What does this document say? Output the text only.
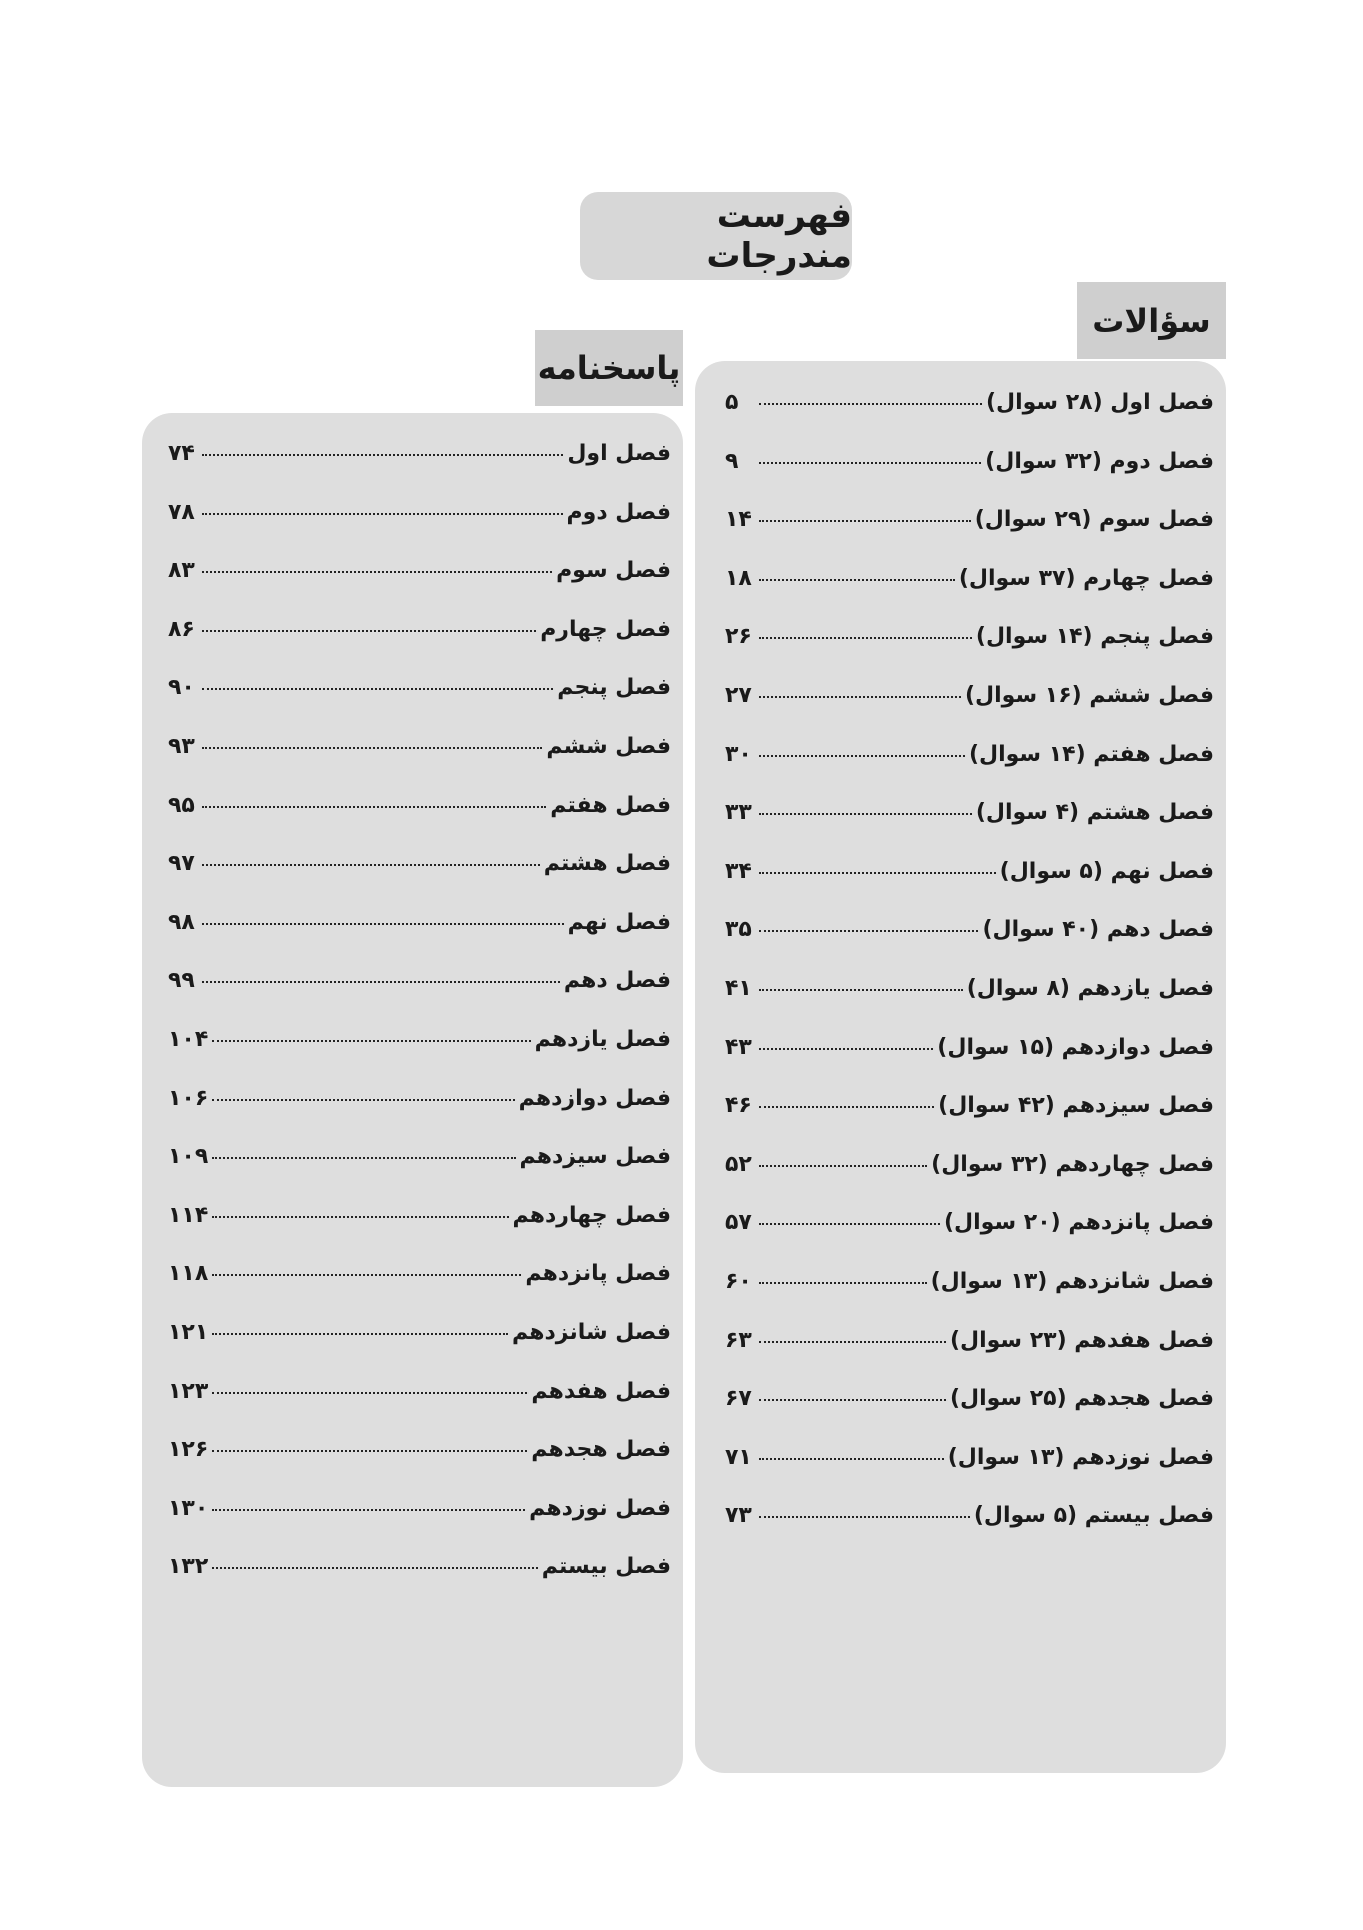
فهرست مندرجات
سؤالات
پاسخنامه
فصل اول (۲۸ سوال)
۵
فصل دوم (۳۲ سوال)
۹
فصل سوم (۲۹ سوال)
۱۴
فصل چهارم (۳۷ سوال)
۱۸
فصل پنجم (۱۴ سوال)
۲۶
فصل ششم (۱۶ سوال)
۲۷
فصل هفتم (۱۴ سوال)
۳۰
فصل هشتم (۴ سوال)
۳۳
فصل نهم (۵ سوال)
۳۴
فصل دهم (۴۰ سوال)
۳۵
فصل یازدهم (۸ سوال)
۴۱
فصل دوازدهم (۱۵ سوال)
۴۳
فصل سیزدهم (۴۲ سوال)
۴۶
فصل چهاردهم (۳۲ سوال)
۵۲
فصل پانزدهم (۲۰ سوال)
۵۷
فصل شانزدهم (۱۳ سوال)
۶۰
فصل هفدهم (۲۳ سوال)
۶۳
فصل هجدهم (۲۵ سوال)
۶۷
فصل نوزدهم (۱۳ سوال)
۷۱
فصل بیستم (۵ سوال)
۷۳
فصل اول
۷۴
فصل دوم
۷۸
فصل سوم
۸۳
فصل چهارم
۸۶
فصل پنجم
۹۰
فصل ششم
۹۳
فصل هفتم
۹۵
فصل هشتم
۹۷
فصل نهم
۹۸
فصل دهم
۹۹
فصل یازدهم
۱۰۴
فصل دوازدهم
۱۰۶
فصل سیزدهم
۱۰۹
فصل چهاردهم
۱۱۴
فصل پانزدهم
۱۱۸
فصل شانزدهم
۱۲۱
فصل هفدهم
۱۲۳
فصل هجدهم
۱۲۶
فصل نوزدهم
۱۳۰
فصل بیستم
۱۳۲
